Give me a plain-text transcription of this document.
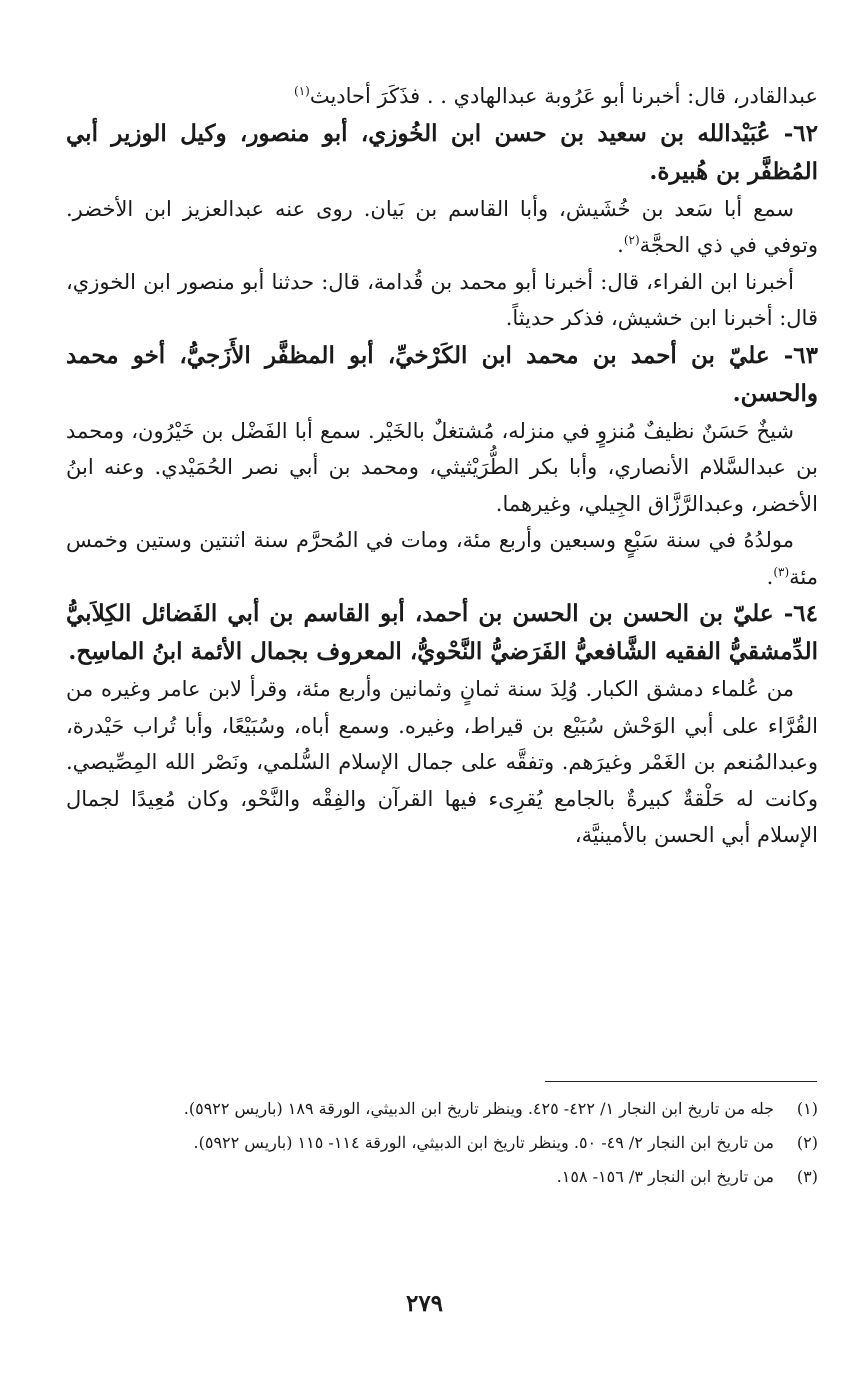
عبدالقادر، قال: أخبرنا أبو عَرُوبة عبدالهادي . . فذَكَرَ أحاديث$^{(١)}$

٦٢- عُبَيْدالله بن سعيد بن حسن ابن الخُوزي، أبو منصور، وكيل الوزير أبي المُظفَّر بن هُبيرة.

سمع أبا سَعد بن خُشَيش، وأبا القاسم بن بَيان. روى عنه عبدالعزيز ابن الأخضر. وتوفي في ذي الحجَّة$^{(٢)}$.

أخبرنا ابن الفراء، قال: أخبرنا أبو محمد بن قُدامة، قال: حدثنا أبو منصور ابن الخوزي، قال: أخبرنا ابن خشيش، فذكر حديثاً.

٦٣- عليّ بن أحمد بن محمد ابن الكَرْخيِّ، أبو المظفَّر الأَزَجيُّ، أخو محمد والحسن.

شيخٌ حَسَنٌ نظيفٌ مُنزوٍ في منزله، مُشتغلٌ بالخَيْر. سمع أبا الفَضْل بن خَيْرُون، ومحمد بن عبدالسَّلام الأنصاري، وأبا بكر الطُّرَيْثيثي، ومحمد بن أبي نصر الحُمَيْدي. وعنه ابنُ الأخضر، وعبدالرَّزَّاق الجِيلي، وغيرهما.

مولدُهُ في سنة سَبْعٍ وسبعين وأربع مئة، ومات في المُحرَّم سنة اثنتين وستين وخمس مئة$^{(٣)}$.

٦٤- عليّ بن الحسن بن الحسن بن أحمد، أبو القاسم بن أبي الفَضائل الكِلاَبيُّ الدِّمشقيُّ الفقيه الشَّافعيُّ الفَرَضيُّ النَّحْويُّ، المعروف بجمال الأئمة ابنُ الماسِح.

من عُلماء دمشق الكبار. وُلِدَ سنة ثمانٍ وثمانين وأربع مئة، وقرأ لابن عامر وغيره من القُرَّاء على أبي الوَحْش سُبَيْع بن قيراط، وغيره. وسمع أباه، وسُبَيْعًا، وأبا تُراب حَيْدرة، وعبدالمُنعم بن الغَمْر وغيرَهم. وتفقَّه على جمال الإسلام السُّلمي، ونَصْر الله المِصِّيصي. وكانت له حَلْقةٌ كبيرةٌ بالجامع يُقرِىء فيها القرآن والفِقْه والنَّحْو، وكان مُعِيدًا لجمال الإسلام أبي الحسن بالأمينيَّة،

(١)
جله من تاريخ ابن النجار ١/ ٤٢٢- ٤٢٥. وينظر تاريخ ابن الدبيثي، الورقة ١٨٩ (باريس ٥٩٢٢).
(٢)
من تاريخ ابن النجار ٢/ ٤٩- ٥٠. وينظر تاريخ ابن الدبيثي، الورقة ١١٤- ١١٥ (باريس ٥٩٢٢).
(٣)
من تاريخ ابن النجار ٣/ ١٥٦- ١٥٨.
٢٧٩
